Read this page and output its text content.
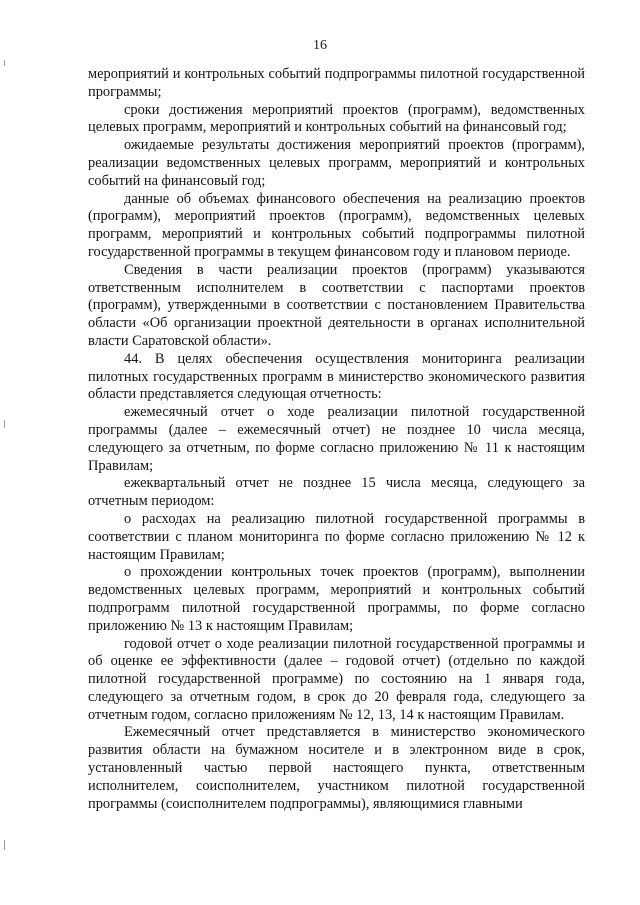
16

мероприятий и контрольных событий подпрограммы пилотной государственной программы;

сроки достижения мероприятий проектов (программ), ведомственных целевых программ, мероприятий и контрольных событий на финансовый год;

ожидаемые результаты достижения мероприятий проектов (программ), реализации ведомственных целевых программ, мероприятий и контрольных событий на финансовый год;

данные об объемах финансового обеспечения на реализацию проектов (программ), мероприятий проектов (программ), ведомственных целевых программ, мероприятий и контрольных событий подпрограммы пилотной государственной программы в текущем финансовом году и плановом периоде.

Сведения в части реализации проектов (программ) указываются ответственным исполнителем в соответствии с паспортами проектов (программ), утвержденными в соответствии с постановлением Правительства области «Об организации проектной деятельности в органах исполнительной власти Саратовской области».

44. В целях обеспечения осуществления мониторинга реализации пилотных государственных программ в министерство экономического развития области представляется следующая отчетность:

ежемесячный отчет о ходе реализации пилотной государственной программы (далее – ежемесячный отчет) не позднее 10 числа месяца, следующего за отчетным, по форме согласно приложению № 11 к настоящим Правилам;

ежеквартальный отчет не позднее 15 числа месяца, следующего за отчетным периодом:

о расходах на реализацию пилотной государственной программы в соответствии с планом мониторинга по форме согласно приложению № 12 к настоящим Правилам;

о прохождении контрольных точек проектов (программ), выполнении ведомственных целевых программ, мероприятий и контрольных событий подпрограмм пилотной государственной программы, по форме согласно приложению № 13 к настоящим Правилам;

годовой отчет о ходе реализации пилотной государственной программы и об оценке ее эффективности (далее – годовой отчет) (отдельно по каждой пилотной государственной программе) по состоянию на 1 января года, следующего за отчетным годом, в срок до 20 февраля года, следующего за отчетным годом, согласно приложениям № 12, 13, 14 к настоящим Правилам.

Ежемесячный отчет представляется в министерство экономического развития области на бумажном носителе и в электронном виде в срок, установленный частью первой настоящего пункта, ответственным исполнителем, соисполнителем, участником пилотной государственной программы (соисполнителем подпрограммы), являющимися главными
